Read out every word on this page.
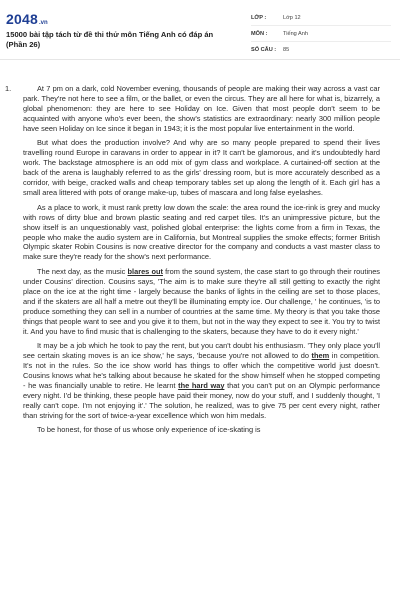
2048.vn
15000 bài tập tách từ đề thi thử môn Tiếng Anh có đáp án (Phần 26)
LỚP :	Lớp 12
MÔN :	Tiếng Anh
SỐ CÂU :	85
1.	At 7 pm on a dark, cold November evening, thousands of people are making their way across a vast car park. They're not here to see a film, or the ballet, or even the circus. They are all here for what is, bizarrely, a global phenomenon: they are here to see Holiday on Ice. Given that most people don't seem to be acquainted with anyone who's ever been, the show's statistics are extraordinary: nearly 300 million people have seen Holiday on Ice since it began in 1943; it is the most popular live entertainment in the world.

But what does the production involve? And why are so many people prepared to spend their lives travelling round Europe in caravans in order to appear in it? It can't be glamorous, and it's undoubtedly hard work. The backstage atmosphere is an odd mix of gym class and workplace. A curtained-off section at the back of the arena is laughably referred to as the girls' dressing room, but is more accurately described as a corridor, with beige, cracked walls and cheap temporary tables set up along the length of it. Each girl has a small area littered with pots of orange make-up, tubes of mascara and long false eyelashes.

As a place to work, it must rank pretty low down the scale: the area round the ice-rink is grey and mucky with rows of dirty blue and brown plastic seating and red carpet tiles. It's an unimpressive picture, but the show itself is an unquestionably vast, polished global enterprise: the lights come from a firm in Texas, the people who make the audio system are in California, but Montreal supplies the smoke effects; former British Olympic skater Robin Cousins is now creative director for the company and conducts a vast master class to make sure they're ready for the show's next performance.

The next day, as the music blares out from the sound system, the case start to go through their routines under Cousins' direction. Cousins says, 'The aim is to make sure they're all still getting to exactly the right place on the ice at the right time - largely because the banks of lights in the ceiling are set to those places, and if the skaters are all half a metre out they'll be illuminating empty ice. Our challenge, ' he continues, 'is to produce something they can sell in a number of countries at the same time. My theory is that you take those things that people want to see and you give it to them, but not in the way they expect to see it. You try to twist it. And you have to find music that is challenging to the skaters, because they have to do it every night.'

It may be a job which he took to pay the rent, but you can't doubt his enthusiasm. 'They only place you'll see certain skating moves is an ice show,' he says, 'because you're not allowed to do them in competition. It's not in the rules. So the ice show world has things to offer which the competitive world just doesn't. Cousins knows what he's talking about because he skated for the show himself when he stopped competing - he was financially unable to retire. He learnt the hard way that you can't put on an Olympic performance every night. I'd be thinking, these people have paid their money, now do your stuff, and I suddenly thought, 'I really can't cope. I'm not enjoying it'.' The solution, he realized, was to give 75 per cent every night, rather than striving for the sort of twice-a-year excellence which won him medals.

To be honest, for those of us whose only experience of ice-skating is
